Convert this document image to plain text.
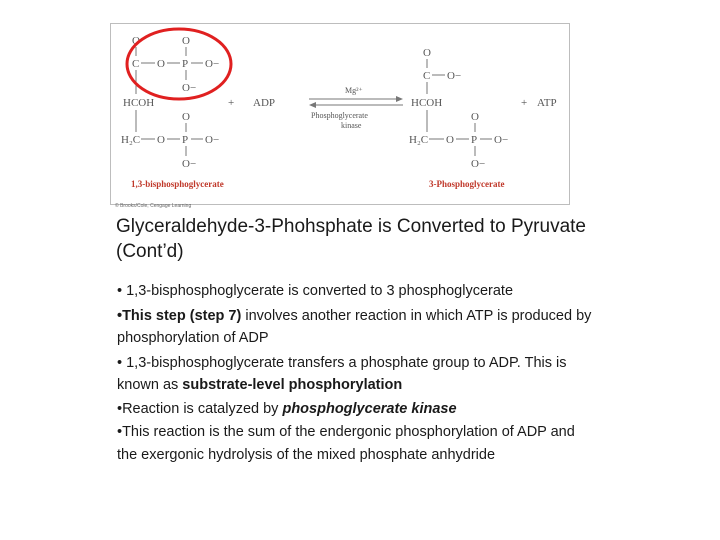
O	O
C O P O−
O−
HCOH
O
H₂C O P O−
O−
1,3-bisphosphoglycerate
+ ADP
Mg²⁺
Phosphoglycerate
kinase
O
C O−
HCOH
O
H₂C O P O−
O−
+ ATP
3-Phosphoglycerate
© Brooks/Cole, Cengage Learning
Glyceraldehyde-3-Phohsphate is Converted to Pyruvate (Cont’d)

• 1,3-bisphosphoglycerate is converted to 3 phosphoglycerate

•This step (step 7) involves another reaction in which ATP is produced by phosphorylation of ADP

• 1,3-bisphosphoglycerate transfers a phosphate group to ADP. This is known as substrate-level phosphorylation

•Reaction is catalyzed by phosphoglycerate kinase

•This reaction is the sum of the endergonic phosphorylation of ADP and the exergonic hydrolysis of the mixed phosphate anhydride
